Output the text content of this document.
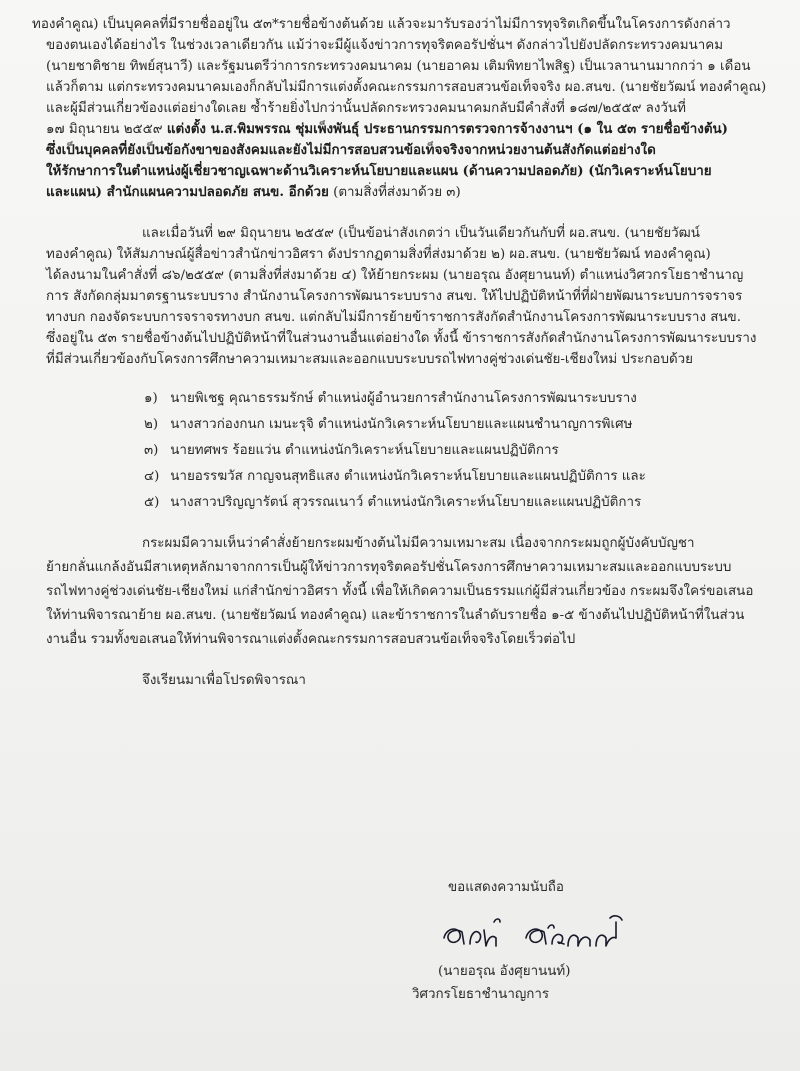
ทองคำคูณ) เป็นบุคคลที่มีรายชื่ออยู่ใน ๕๓*รายชื่อข้างต้นด้วย แล้วจะมารับรองว่าไม่มีการทุจริตเกิดขึ้นในโครงการดังกล่าว
ของตนเองได้อย่างไร ในช่วงเวลาเดียวกัน แม้ว่าจะมีผู้แจ้งข่าวการทุจริตคอรัปชั่นฯ ดังกล่าวไปยังปลัดกระทรวงคมนาคม
(นายชาติชาย ทิพย์สุนาวี) และรัฐมนตรีว่าการกระทรวงคมนาคม (นายอาคม เติมพิทยาไพสิฐ) เป็นเวลานานมากกว่า ๑ เดือน
แล้วก็ตาม แต่กระทรวงคมนาคมเองก็กลับไม่มีการแต่งตั้งคณะกรรมการสอบสวนข้อเท็จจริง ผอ.สนข. (นายชัยวัฒน์ ทองคำคูณ)
และผู้มีส่วนเกี่ยวข้องแต่อย่างใดเลย ซ้ำร้ายยิ่งไปกว่านั้นปลัดกระทรวงคมนาคมกลับมีคำสั่งที่ ๑๘๗/๒๕๕๙ ลงวันที่
๑๗ มิถุนายน ๒๕๕๙ แต่งตั้ง น.ส.พิมพรรณ ชุ่มเพ็งพันธุ์ ประธานกรรมการตรวจการจ้างงานฯ (๑ ใน ๕๓ รายชื่อข้างต้น)
ซึ่งเป็นบุคคลที่ยังเป็นข้อกังขาของสังคมและยังไม่มีการสอบสวนข้อเท็จจริงจากหน่วยงานต้นสังกัดแต่อย่างใด
ให้รักษาการในตำแหน่งผู้เชี่ยวชาญเฉพาะด้านวิเคราะห์นโยบายและแผน (ด้านความปลอดภัย) (นักวิเคราะห์นโยบาย
และแผน) สำนักแผนความปลอดภัย สนข. อีกด้วย (ตามสิ่งที่ส่งมาด้วย ๓)
และเมื่อวันที่ ๒๙ มิถุนายน ๒๕๕๙ (เป็นข้อน่าสังเกตว่า เป็นวันเดียวกันกับที่ ผอ.สนข. (นายชัยวัฒน์
ทองคำคูณ) ให้สัมภาษณ์ผู้สื่อข่าวสำนักข่าวอิศรา ดังปรากฏตามสิ่งที่ส่งมาด้วย ๒) ผอ.สนข. (นายชัยวัฒน์ ทองคำคูณ)
ได้ลงนามในคำสั่งที่ ๘๖/๒๕๕๙ (ตามสิ่งที่ส่งมาด้วย ๔) ให้ย้ายกระผม (นายอรุณ อังศุยานนท์) ตำแหน่งวิศวกรโยธาชำนาญ
การ สังกัดกลุ่มมาตรฐานระบบราง สำนักงานโครงการพัฒนาระบบราง สนข. ให้ไปปฏิบัติหน้าที่ที่ฝ่ายพัฒนาระบบการจราจร
ทางบก กองจัดระบบการจราจรทางบก สนข. แต่กลับไม่มีการย้ายข้าราชการสังกัดสำนักงานโครงการพัฒนาระบบราง สนข.
ซึ่งอยู่ใน ๕๓ รายชื่อข้างต้นไปปฏิบัติหน้าที่ในส่วนงานอื่นแต่อย่างใด ทั้งนี้ ข้าราชการสังกัดสำนักงานโครงการพัฒนาระบบราง
ที่มีส่วนเกี่ยวข้องกับโครงการศึกษาความเหมาะสมและออกแบบระบบรถไฟทางคู่ช่วงเด่นชัย-เชียงใหม่ ประกอบด้วย
๑) นายพิเชฐ คุณาธรรมรักษ์ ตำแหน่งผู้อำนวยการสำนักงานโครงการพัฒนาระบบราง
๒) นางสาวก่องกนก เมนะรุจิ ตำแหน่งนักวิเคราะห์นโยบายและแผนชำนาญการพิเศษ
๓) นายทศพร ร้อยแว่น ตำแหน่งนักวิเคราะห์นโยบายและแผนปฏิบัติการ
๔) นายอรรฆวัส กาญจนสุทธิแสง ตำแหน่งนักวิเคราะห์นโยบายและแผนปฏิบัติการ และ
๕) นางสาวปริญญารัตน์ สุวรรณเนาว์ ตำแหน่งนักวิเคราะห์นโยบายและแผนปฏิบัติการ
กระผมมีความเห็นว่าคำสั่งย้ายกระผมข้างต้นไม่มีความเหมาะสม เนื่องจากกระผมถูกผู้บังคับบัญชา
ย้ายกลั่นแกล้งอันมีสาเหตุหลักมาจากการเป็นผู้ให้ข่าวการทุจริตคอรัปชั่นโครงการศึกษาความเหมาะสมและออกแบบระบบ
รถไฟทางคู่ช่วงเด่นชัย-เชียงใหม่ แก่สำนักข่าวอิศรา ทั้งนี้ เพื่อให้เกิดความเป็นธรรมแก่ผู้มีส่วนเกี่ยวข้อง กระผมจึงใคร่ขอเสนอ
ให้ท่านพิจารณาย้าย ผอ.สนข. (นายชัยวัฒน์ ทองคำคูณ) และข้าราชการในลำดับรายชื่อ ๑-๕ ข้างต้นไปปฏิบัติหน้าที่ในส่วน
งานอื่น รวมทั้งขอเสนอให้ท่านพิจารณาแต่งตั้งคณะกรรมการสอบสวนข้อเท็จจริงโดยเร็วต่อไป
จึงเรียนมาเพื่อโปรดพิจารณา
ขอแสดงความนับถือ
อรุณ อังศุยานนท์
(นายอรุณ อังศุยานนท์)
วิศวกรโยธาชำนาญการ
